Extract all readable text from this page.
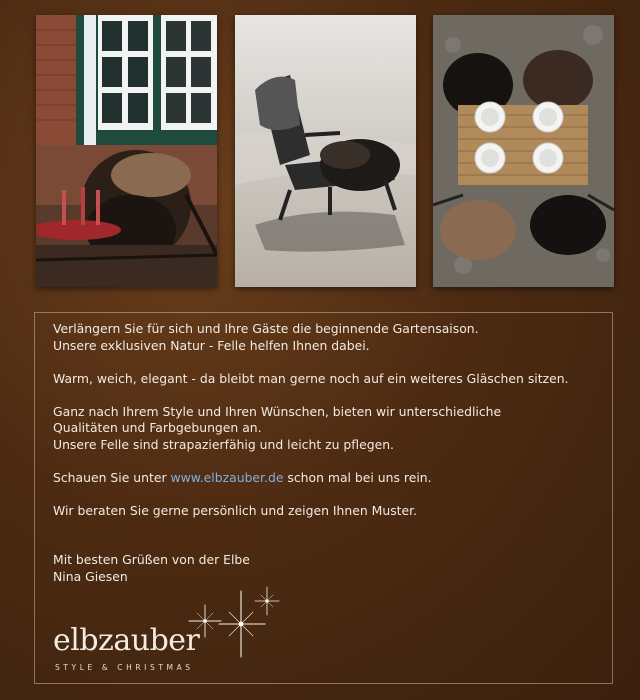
Verlängern Sie für sich und Ihre Gäste die beginnende Gartensaison.

Unsere exklusiven Natur - Felle helfen Ihnen dabei.

Warm, weich, elegant - da bleibt man gerne noch auf ein weiteres Gläschen sitzen.

Ganz nach Ihrem Style und Ihren Wünschen, bieten wir unterschiedliche

Qualitäten und Farbgebungen an.

Unsere Felle sind strapazierfähig und leicht zu pflegen.

Schauen Sie unter www.elbzauber.de schon mal bei uns rein.

Wir beraten Sie gerne persönlich und zeigen Ihnen Muster.

Mit besten Grüßen von der Elbe

Nina Giesen

elbzauber
STYLE & CHRISTMAS
